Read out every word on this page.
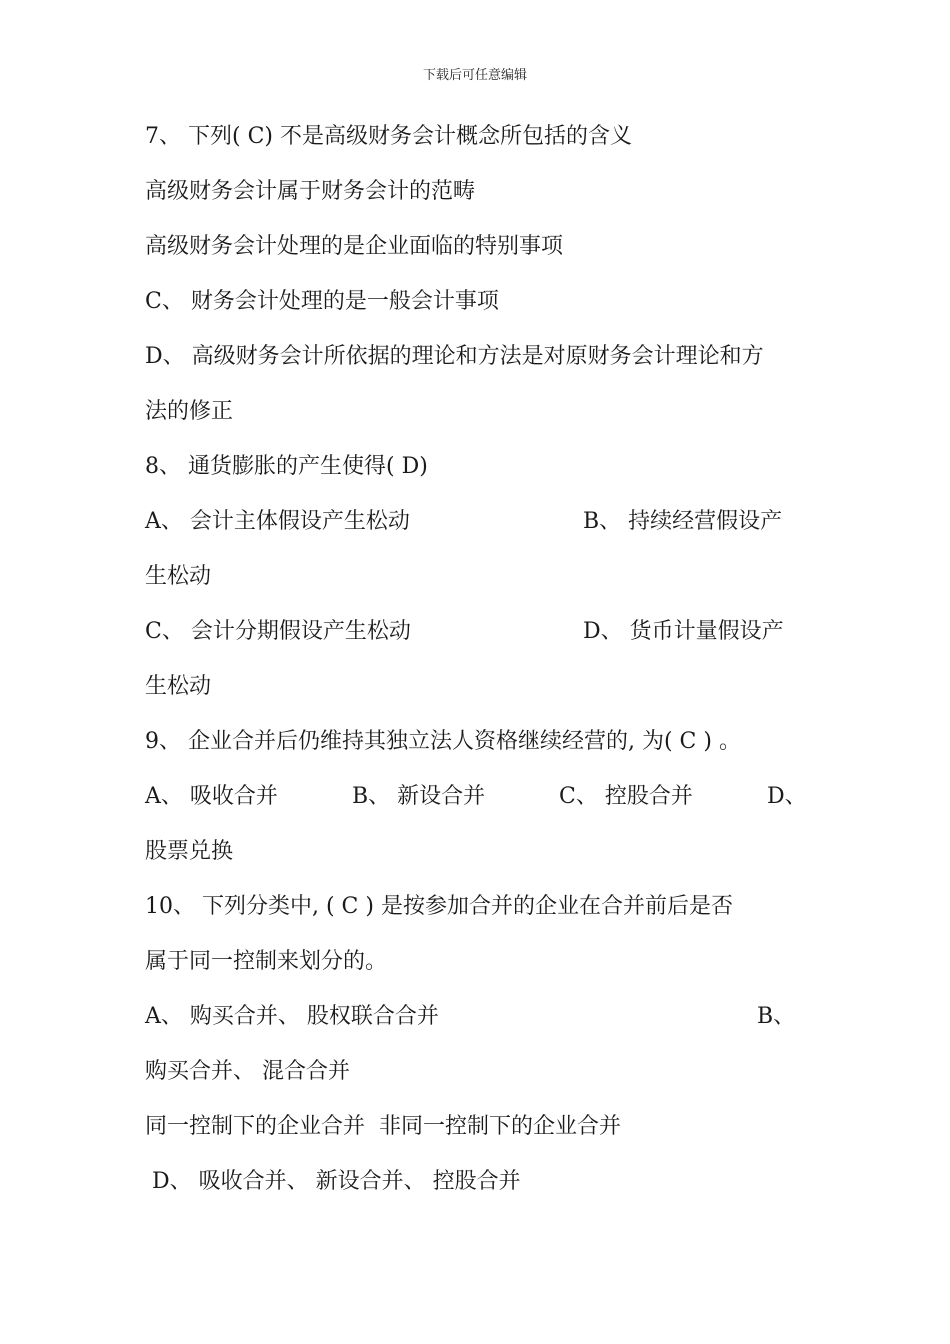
下载后可任意编辑
7、 下列( C) 不是高级财务会计概念所包括的含义
高级财务会计属于财务会计的范畴
高级财务会计处理的是企业面临的特别事项
C、 财务会计处理的是一般会计事项
D、 高级财务会计所依据的理论和方法是对原财务会计理论和方
法的修正
8、 通货膨胀的产生使得( D)
A、 会计主体假设产生松动	B、 持续经营假设产
生松动
C、 会计分期假设产生松动	D、 货币计量假设产
生松动
9、 企业合并后仍维持其独立法人资格继续经营的, 为( C ) 。
A、 吸收合并	B、 新设合并	C、 控股合并	D、
股票兑换
10、 下列分类中, ( C ) 是按参加合并的企业在合并前后是否
属于同一控制来划分的。
A、 购买合并、 股权联合合并	B、
购买合并、 混合合并
同一控制下的企业合并  非同一控制下的企业合并
D、 吸收合并、 新设合并、 控股合并
